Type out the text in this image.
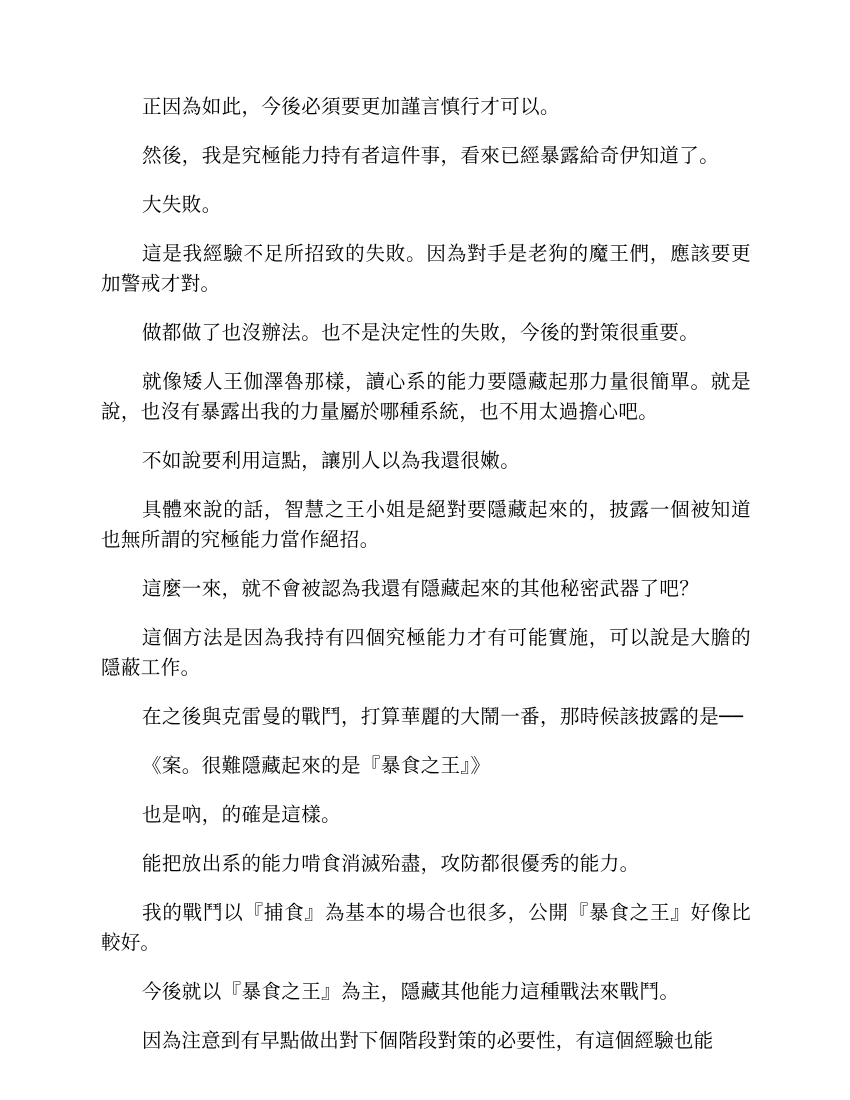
正因為如此，今後必須要更加謹言慎行才可以。

然後，我是究極能力持有者這件事，看來已經暴露給奇伊知道了。

大失敗。

這是我經驗不足所招致的失敗。因為對手是老狗的魔王們，應該要更加警戒才對。

做都做了也沒辦法。也不是決定性的失敗，今後的對策很重要。

就像矮人王伽澤魯那樣，讀心系的能力要隱藏起那力量很簡單。就是說，也沒有暴露出我的力量屬於哪種系統，也不用太過擔心吧。

不如說要利用這點，讓別人以為我還很嫩。

具體來說的話，智慧之王小姐是絕對要隱藏起來的，披露一個被知道也無所謂的究極能力當作絕招。

這麼一來，就不會被認為我還有隱藏起來的其他秘密武器了吧？

這個方法是因為我持有四個究極能力才有可能實施，可以說是大膽的隱蔽工作。

在之後與克雷曼的戰鬥，打算華麗的大鬧一番，那時候該披露的是──

《案。很難隱藏起來的是『暴食之王』》

也是吶，的確是這樣。

能把放出系的能力啃食消滅殆盡，攻防都很優秀的能力。

我的戰鬥以『捕食』為基本的場合也很多，公開『暴食之王』好像比較好。

今後就以『暴食之王』為主，隱藏其他能力這種戰法來戰鬥。

因為注意到有早點做出對下個階段對策的必要性，有這個經驗也能
